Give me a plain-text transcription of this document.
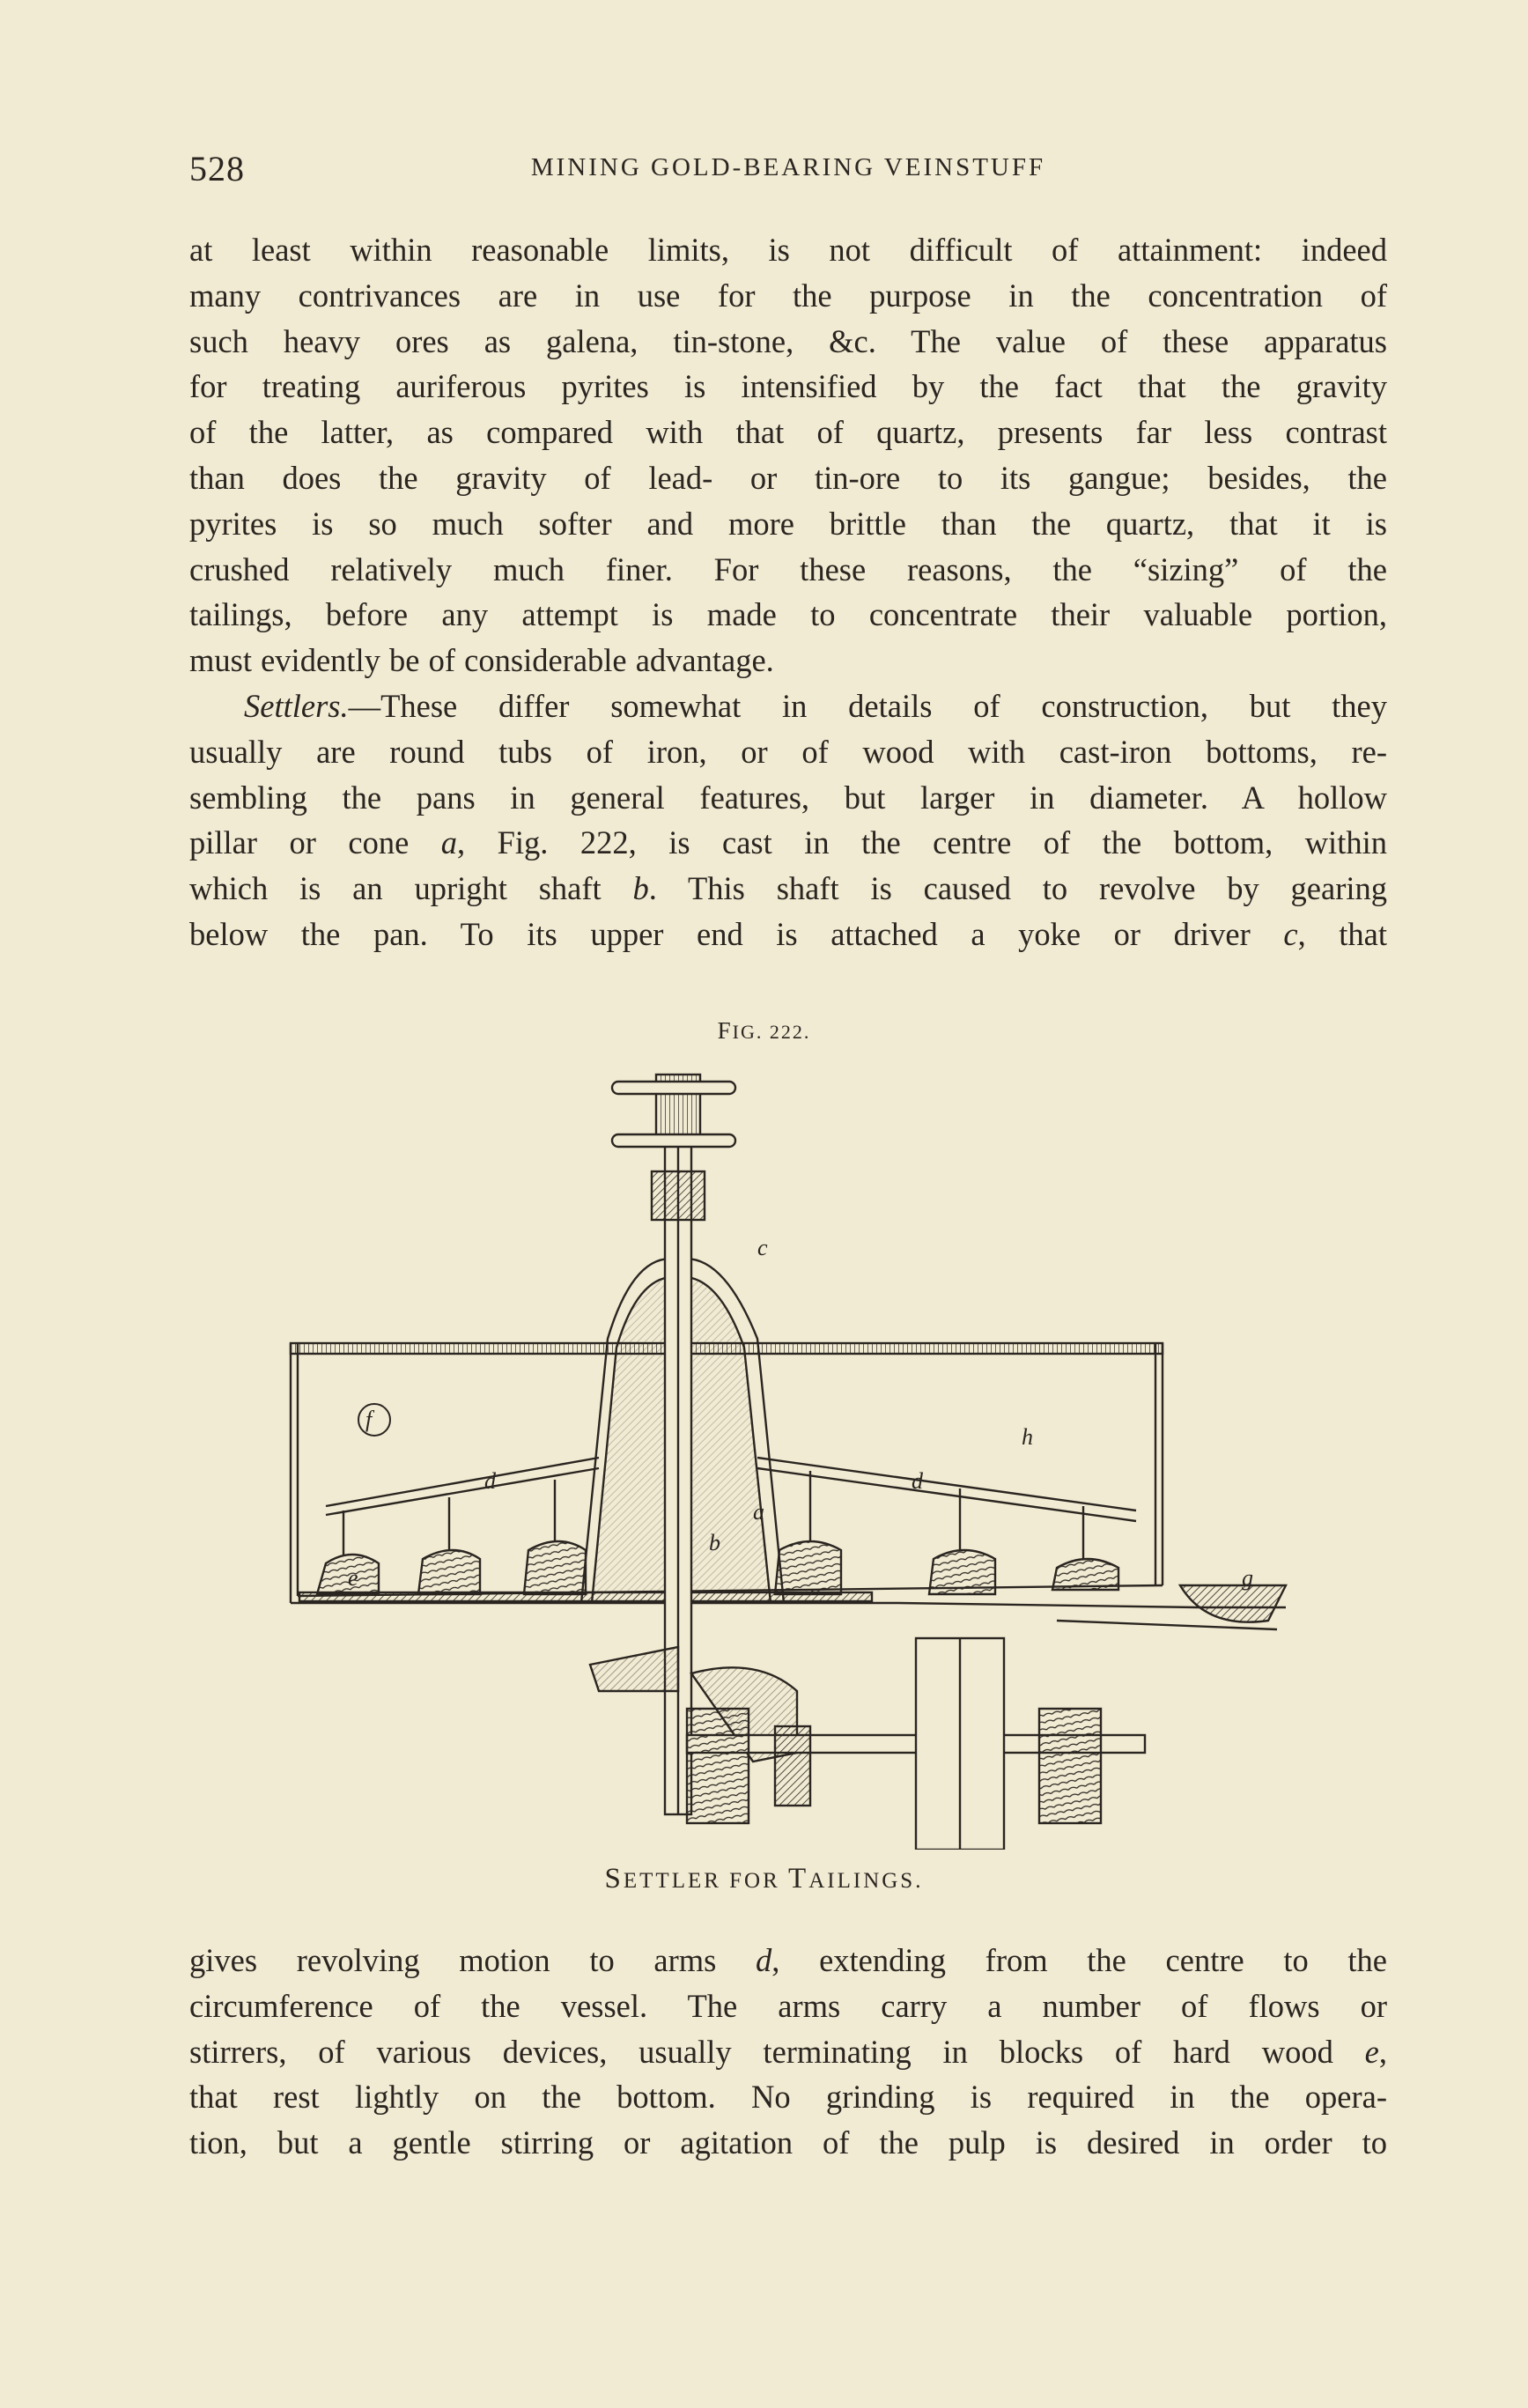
528	MINING GOLD-BEARING VEINSTUFF
at least within reasonable limits, is not difficult of attainment: indeed
many contrivances are in use for the purpose in the concentration of
such heavy ores as galena, tin-stone, &c. The value of these apparatus
for treating auriferous pyrites is intensified by the fact that the gravity
of the latter, as compared with that of quartz, presents far less contrast
than does the gravity of lead- or tin-ore to its gangue; besides, the
pyrites is so much softer and more brittle than the quartz, that it is
crushed relatively much finer. For these reasons, the “sizing” of the
tailings, before any attempt is made to concentrate their valuable portion,
must evidently be of considerable advantage.
Settlers.—These differ somewhat in details of construction, but they
usually are round tubs of iron, or of wood with cast-iron bottoms, re-
sembling the pans in general features, but larger in diameter. A hollow
pillar or cone a, Fig. 222, is cast in the centre of the bottom, within
which is an upright shaft b. This shaft is caused to revolve by gearing
below the pan. To its upper end is attached a yoke or driver c, that
FIG. 222.
c
f
d	d
a
b
h
e	g
SETTLER FOR TAILINGS.
gives revolving motion to arms d, extending from the centre to the
circumference of the vessel. The arms carry a number of flows or
stirrers, of various devices, usually terminating in blocks of hard wood e,
that rest lightly on the bottom. No grinding is required in the opera-
tion, but a gentle stirring or agitation of the pulp is desired in order to
